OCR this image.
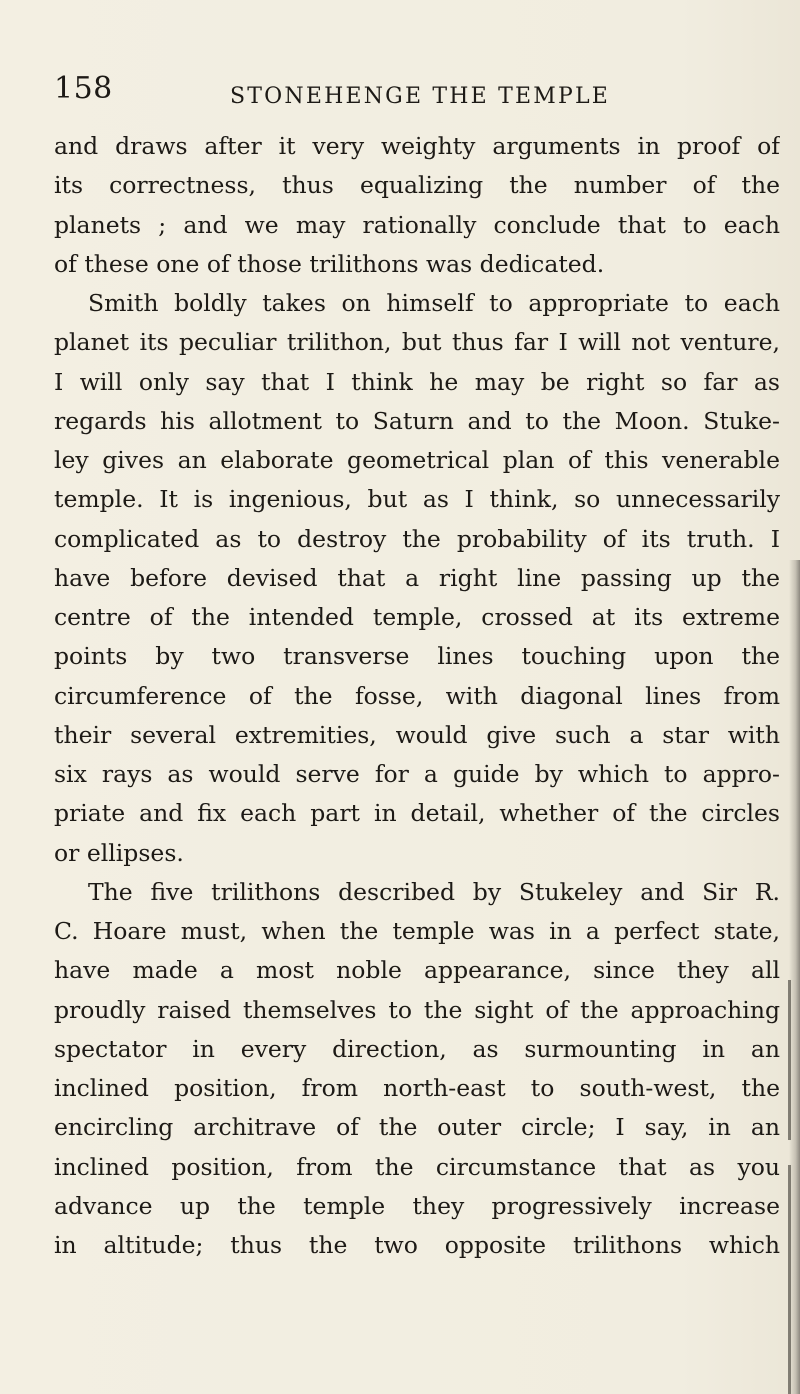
158	STONEHENGE THE TEMPLE
and draws after it very weighty arguments in proof of
its correctness, thus equalizing the number of the
planets ; and we may rationally conclude that to each
of these one of those trilithons was dedicated.
Smith boldly takes on himself to appropriate to each
planet its peculiar trilithon, but thus far I will not venture,
I will only say that I think he may be right so far as
regards his allotment to Saturn and to the Moon. Stuke-
ley gives an elaborate geometrical plan of this venerable
temple. It is ingenious, but as I think, so unnecessarily
complicated as to destroy the probability of its truth. I
have before devised that a right line passing up the
centre of the intended temple, crossed at its extreme
points by two transverse lines touching upon the
circumference of the fosse, with diagonal lines from
their several extremities, would give such a star with
six rays as would serve for a guide by which to appro-
priate and fix each part in detail, whether of the circles
or ellipses.
The five trilithons described by Stukeley and Sir R.
C. Hoare must, when the temple was in a perfect state,
have made a most noble appearance, since they all
proudly raised themselves to the sight of the approaching
spectator in every direction, as surmounting in an
inclined position, from north-east to south-west, the
encircling architrave of the outer circle; I say, in an
inclined position, from the circumstance that as you
advance up the temple they progressively increase
in altitude; thus the two opposite trilithons which
